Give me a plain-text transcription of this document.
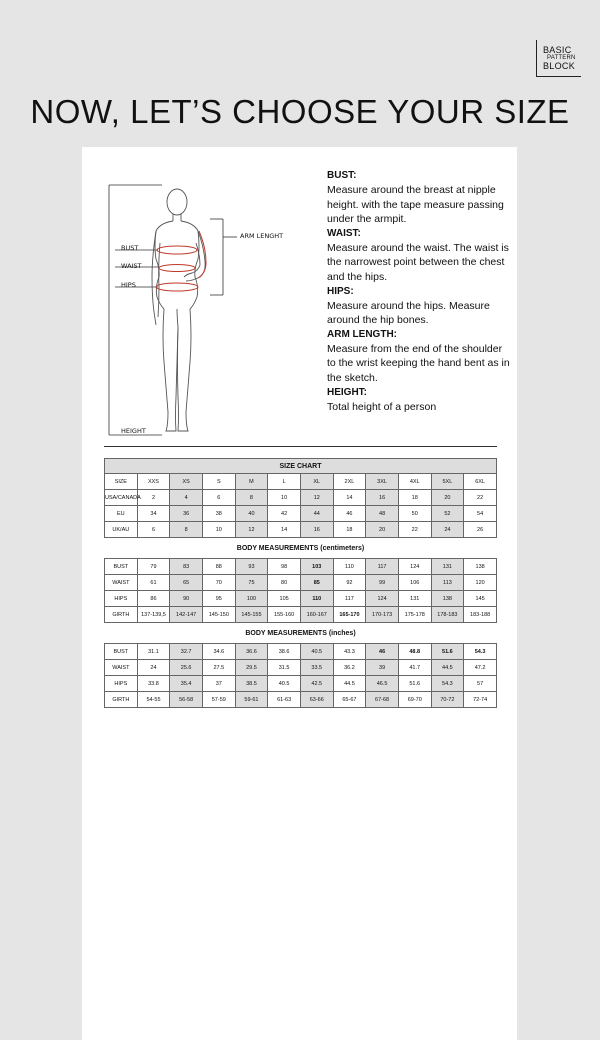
BASIC
PATTERN
BLOCK
NOW, LET’S CHOOSE YOUR SIZE
BUST
WAIST
HIPS
HEIGHT
ARM LENGHT
BUST:
Measure around the breast at nipple height. with the tape measure passing under the armpit.
WAIST:
Measure around the waist. The waist is the narrowest point between the chest and the hips.
HIPS:
Measure around the hips. Measure around the hip bones.
ARM LENGTH:
Measure from the end of the shoulder to the wrist keeping the hand bent as in the sketch.
HEIGHT:
Total height of a person
SIZE CHART											
SIZE	XXS	XS	S	M	L	XL	2XL	3XL	4XL	5XL	6XL
USA/CANADA	2	4	6	8	10	12	14	16	18	20	22
EU	34	36	38	40	42	44	46	48	50	52	54
UK/AU	6	8	10	12	14	16	18	20	22	24	26
BODY MEASUREMENTS (centimeters)											
BUST	79	83	88	93	98	103	110	117	124	131	138
WAIST	61	65	70	75	80	85	92	99	106	113	120
HIPS	86	90	95	100	105	110	117	124	131	138	145
GIRTH	137-139,5	142-147	145-150	145-155	155-160	160-167	165-170	170-173	175-178	178-183	183-188
BODY MEASUREMENTS (inches)											
BUST	31.1	32.7	34.6	36.6	38.6	40.5	43.3	46	48.8	51.6	54.3
WAIST	24	25.6	27.5	29.5	31.5	33.5	36.2	39	41.7	44.5	47.2
HIPS	33.8	35.4	37	38.5	40.5	42.5	44.5	46.5	51.6	54.3	57
GIRTH	54-55	56-58	57-59	59-61	61-63	63-66	65-67	67-68	69-70	70-72	72-74
